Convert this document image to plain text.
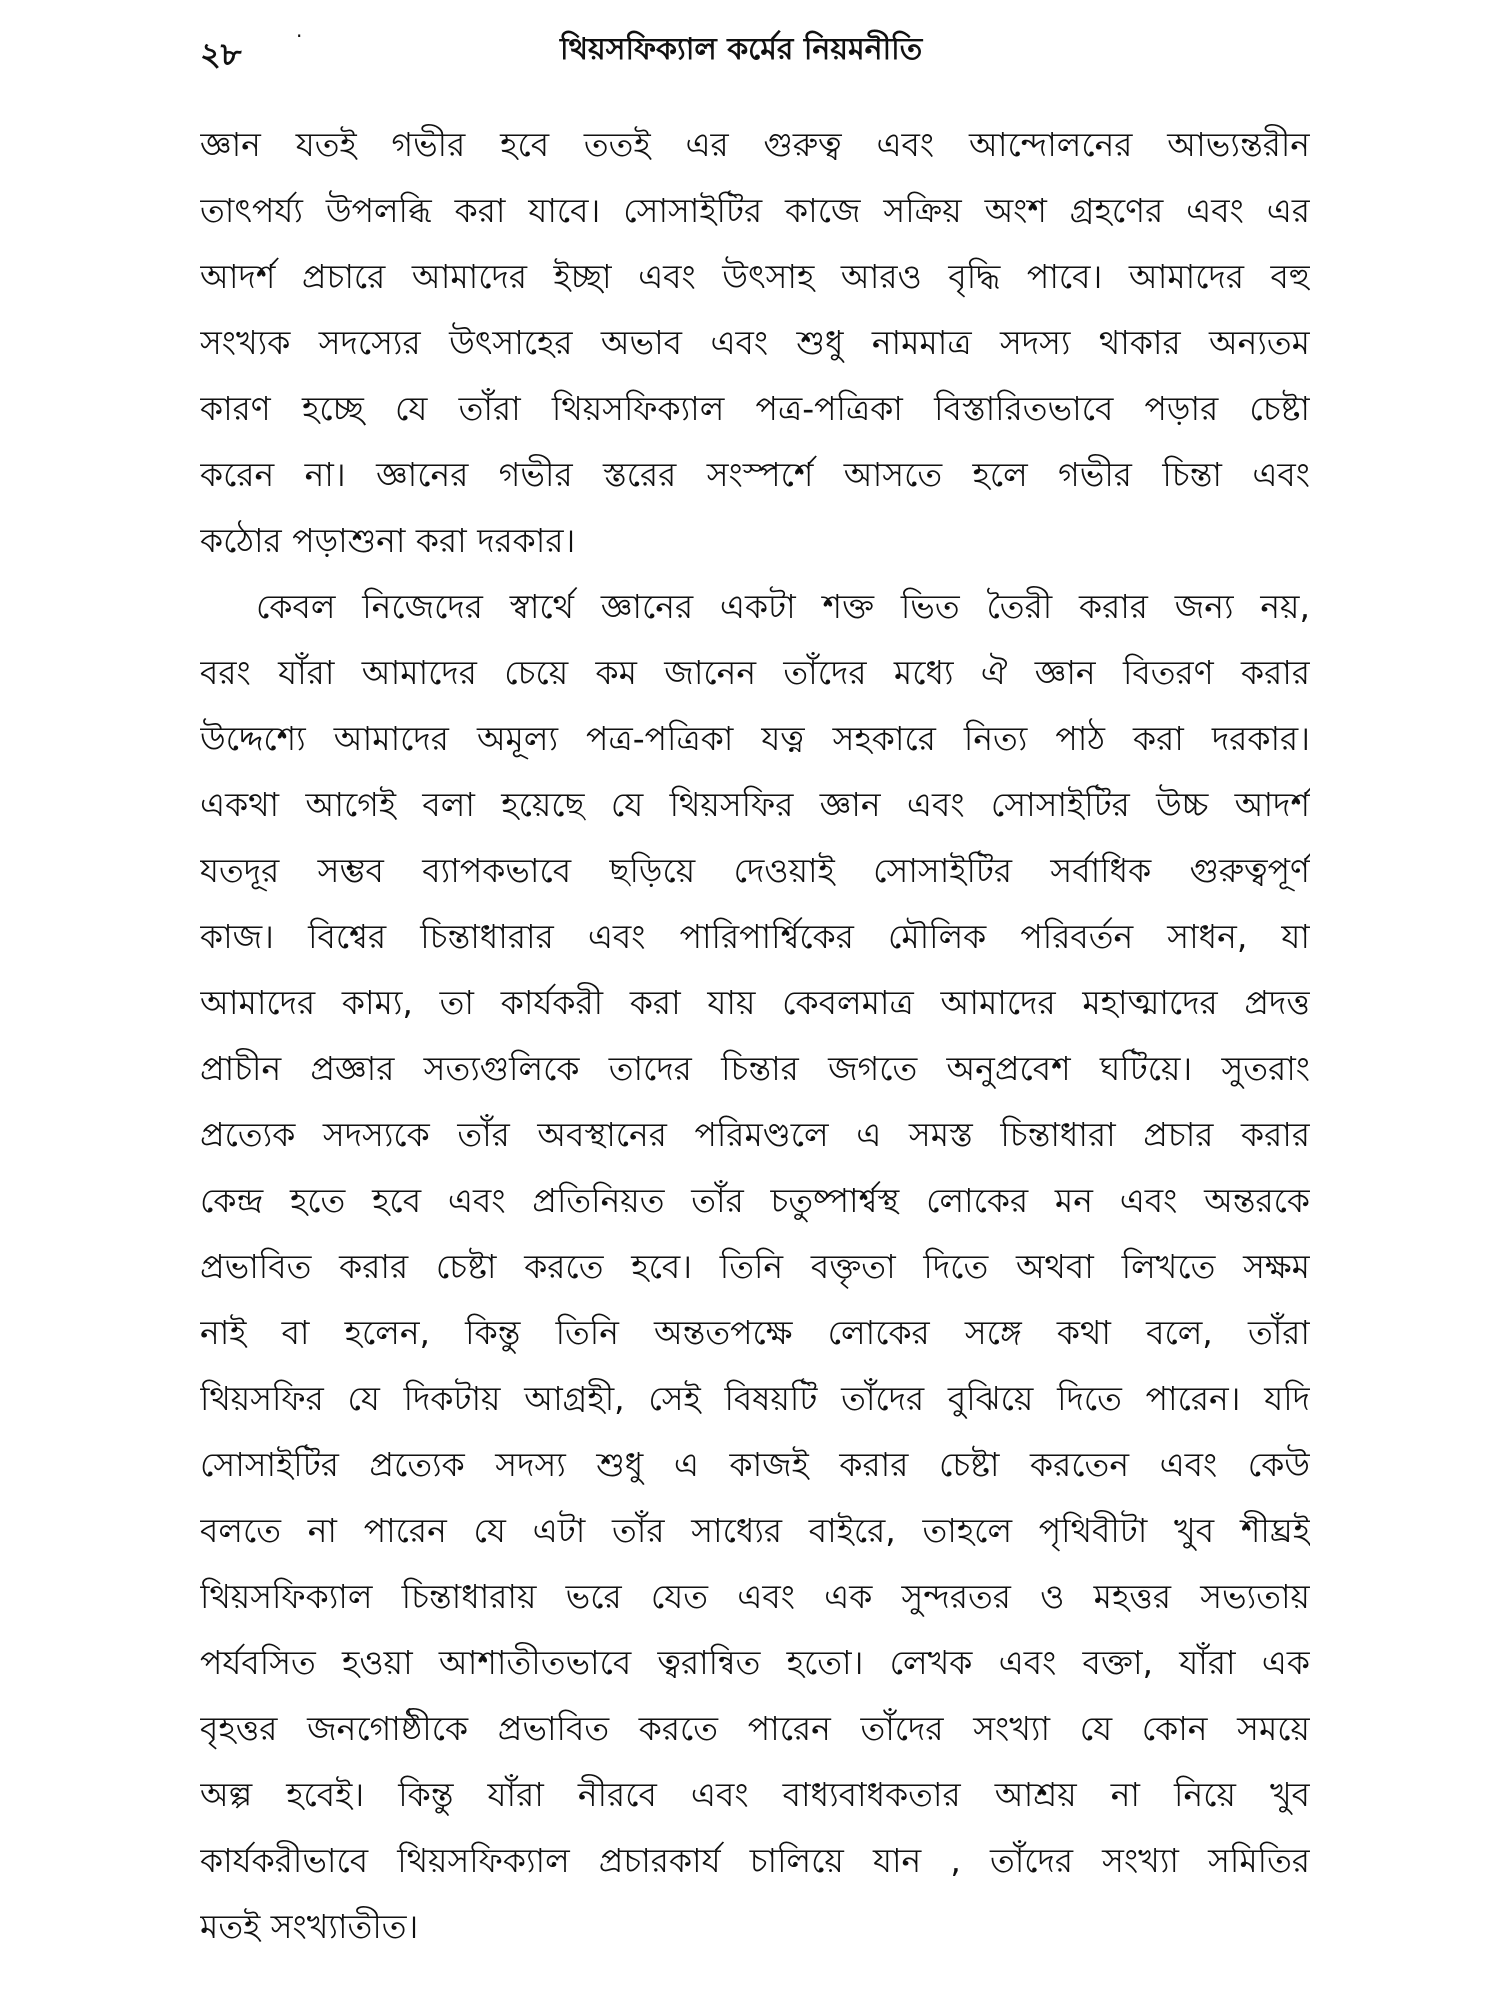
২৮	·	থিয়সফিক্যাল কর্মের নিয়মনীতি
জ্ঞান যতই গভীর হবে ততই এর গুরুত্ব এবং আন্দোলনের আভ্যন্তরীন
তাৎপর্য্য উপলব্ধি করা যাবে। সোসাইটির কাজে সক্রিয় অংশ গ্রহণের এবং এর
আদর্শ প্রচারে আমাদের ইচ্ছা এবং উৎসাহ আরও বৃদ্ধি পাবে। আমাদের বহু
সংখ্যক সদস্যের উৎসাহের অভাব এবং শুধু নামমাত্র সদস্য থাকার অন্যতম
কারণ হচ্ছে যে তাঁরা থিয়সফিক্যাল পত্র-পত্রিকা বিস্তারিতভাবে পড়ার চেষ্টা
করেন না। জ্ঞানের গভীর স্তরের সংস্পর্শে আসতে হলে গভীর চিন্তা এবং
কঠোর পড়াশুনা করা দরকার।
কেবল নিজেদের স্বার্থে জ্ঞানের একটা শক্ত ভিত তৈরী করার জন্য নয়,
বরং যাঁরা আমাদের চেয়ে কম জানেন তাঁদের মধ্যে ঐ জ্ঞান বিতরণ করার
উদ্দেশ্যে আমাদের অমূল্য পত্র-পত্রিকা যত্ন সহকারে নিত্য পাঠ করা দরকার।
একথা আগেই বলা হয়েছে যে থিয়সফির জ্ঞান এবং সোসাইটির উচ্চ আদর্শ
যতদূর সম্ভব ব্যাপকভাবে ছড়িয়ে দেওয়াই সোসাইটির সর্বাধিক গুরুত্বপূর্ণ
কাজ। বিশ্বের চিন্তাধারার এবং পারিপার্শ্বিকের মৌলিক পরিবর্তন সাধন, যা
আমাদের কাম্য, তা কার্যকরী করা যায় কেবলমাত্র আমাদের মহাত্মাদের প্রদত্ত
প্রাচীন প্রজ্ঞার সত্যগুলিকে তাদের চিন্তার জগতে অনুপ্রবেশ ঘটিয়ে। সুতরাং
প্রত্যেক সদস্যকে তাঁর অবস্থানের পরিমণ্ডলে এ সমস্ত চিন্তাধারা প্রচার করার
কেন্দ্র হতে হবে এবং প্রতিনিয়ত তাঁর চতুষ্পার্শ্বস্থ লোকের মন এবং অন্তরকে
প্রভাবিত করার চেষ্টা করতে হবে। তিনি বক্তৃতা দিতে অথবা লিখতে সক্ষম
নাই বা হলেন, কিন্তু তিনি অন্ততপক্ষে লোকের সঙ্গে কথা বলে, তাঁরা
থিয়সফির যে দিকটায় আগ্রহী, সেই বিষয়টি তাঁদের বুঝিয়ে দিতে পারেন। যদি
সোসাইটির প্রত্যেক সদস্য শুধু এ কাজই করার চেষ্টা করতেন এবং কেউ
বলতে না পারেন যে এটা তাঁর সাধ্যের বাইরে, তাহলে পৃথিবীটা খুব শীঘ্রই
থিয়সফিক্যাল চিন্তাধারায় ভরে যেত এবং এক সুন্দরতর ও মহত্তর সভ্যতায়
পর্যবসিত হওয়া আশাতীতভাবে ত্বরান্বিত হতো। লেখক এবং বক্তা, যাঁরা এক
বৃহত্তর জনগোষ্ঠীকে প্রভাবিত করতে পারেন তাঁদের সংখ্যা যে কোন সময়ে
অল্প হবেই। কিন্তু যাঁরা নীরবে এবং বাধ্যবাধকতার আশ্রয় না নিয়ে খুব
কার্যকরীভাবে থিয়সফিক্যাল প্রচারকার্য চালিয়ে যান , তাঁদের সংখ্যা সমিতির
মতই সংখ্যাতীত।
